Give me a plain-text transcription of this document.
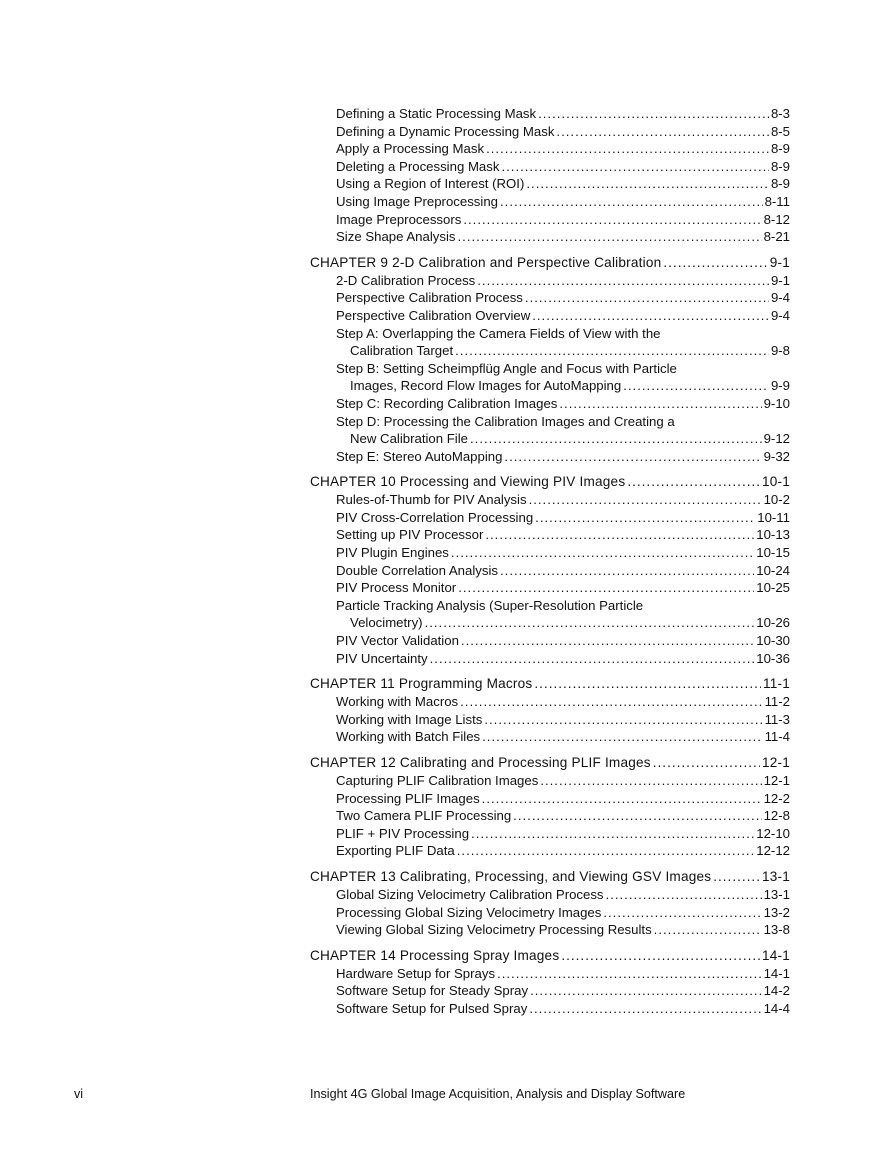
Defining a Static Processing Mask .....	8-3
Defining a Dynamic Processing Mask .....	8-5
Apply a Processing Mask .....	8-9
Deleting a Processing Mask .....	8-9
Using a Region of Interest (ROI) .....	8-9
Using Image Preprocessing .....	8-11
Image Preprocessors .....	8-12
Size Shape Analysis .....	8-21
CHAPTER 9 2-D Calibration and Perspective Calibration .....	9-1
2-D Calibration Process .....	9-1
Perspective Calibration Process .....	9-4
Perspective Calibration Overview .....	9-4
Step A: Overlapping the Camera Fields of View with the
Calibration Target .....	9-8
Step B: Setting Scheimpflüg Angle and Focus with Particle
Images, Record Flow Images for AutoMapping .....	9-9
Step C: Recording Calibration Images .....	9-10
Step D: Processing the Calibration Images and Creating a
New Calibration File .....	9-12
Step E: Stereo AutoMapping .....	9-32
CHAPTER 10 Processing and Viewing PIV Images .....	10-1
Rules-of-Thumb for PIV Analysis .....	10-2
PIV Cross-Correlation Processing .....	10-11
Setting up PIV Processor .....	10-13
PIV Plugin Engines .....	10-15
Double Correlation Analysis .....	10-24
PIV Process Monitor .....	10-25
Particle Tracking Analysis (Super-Resolution Particle
Velocimetry) .....	10-26
PIV Vector Validation .....	10-30
PIV Uncertainty .....	10-36
CHAPTER 11 Programming Macros .....	11-1
Working with Macros .....	11-2
Working with Image Lists .....	11-3
Working with Batch Files .....	11-4
CHAPTER 12 Calibrating and Processing PLIF Images .....	12-1
Capturing PLIF Calibration Images .....	12-1
Processing PLIF Images .....	12-2
Two Camera PLIF Processing .....	12-8
PLIF + PIV Processing .....	12-10
Exporting PLIF Data .....	12-12
CHAPTER 13 Calibrating, Processing, and Viewing GSV Images .....	13-1
Global Sizing Velocimetry Calibration Process .....	13-1
Processing Global Sizing Velocimetry Images .....	13-2
Viewing Global Sizing Velocimetry Processing Results .....	13-8
CHAPTER 14 Processing Spray Images .....	14-1
Hardware Setup for Sprays .....	14-1
Software Setup for Steady Spray .....	14-2
Software Setup for Pulsed Spray .....	14-4
vi	Insight 4G Global Image Acquisition, Analysis and Display Software
